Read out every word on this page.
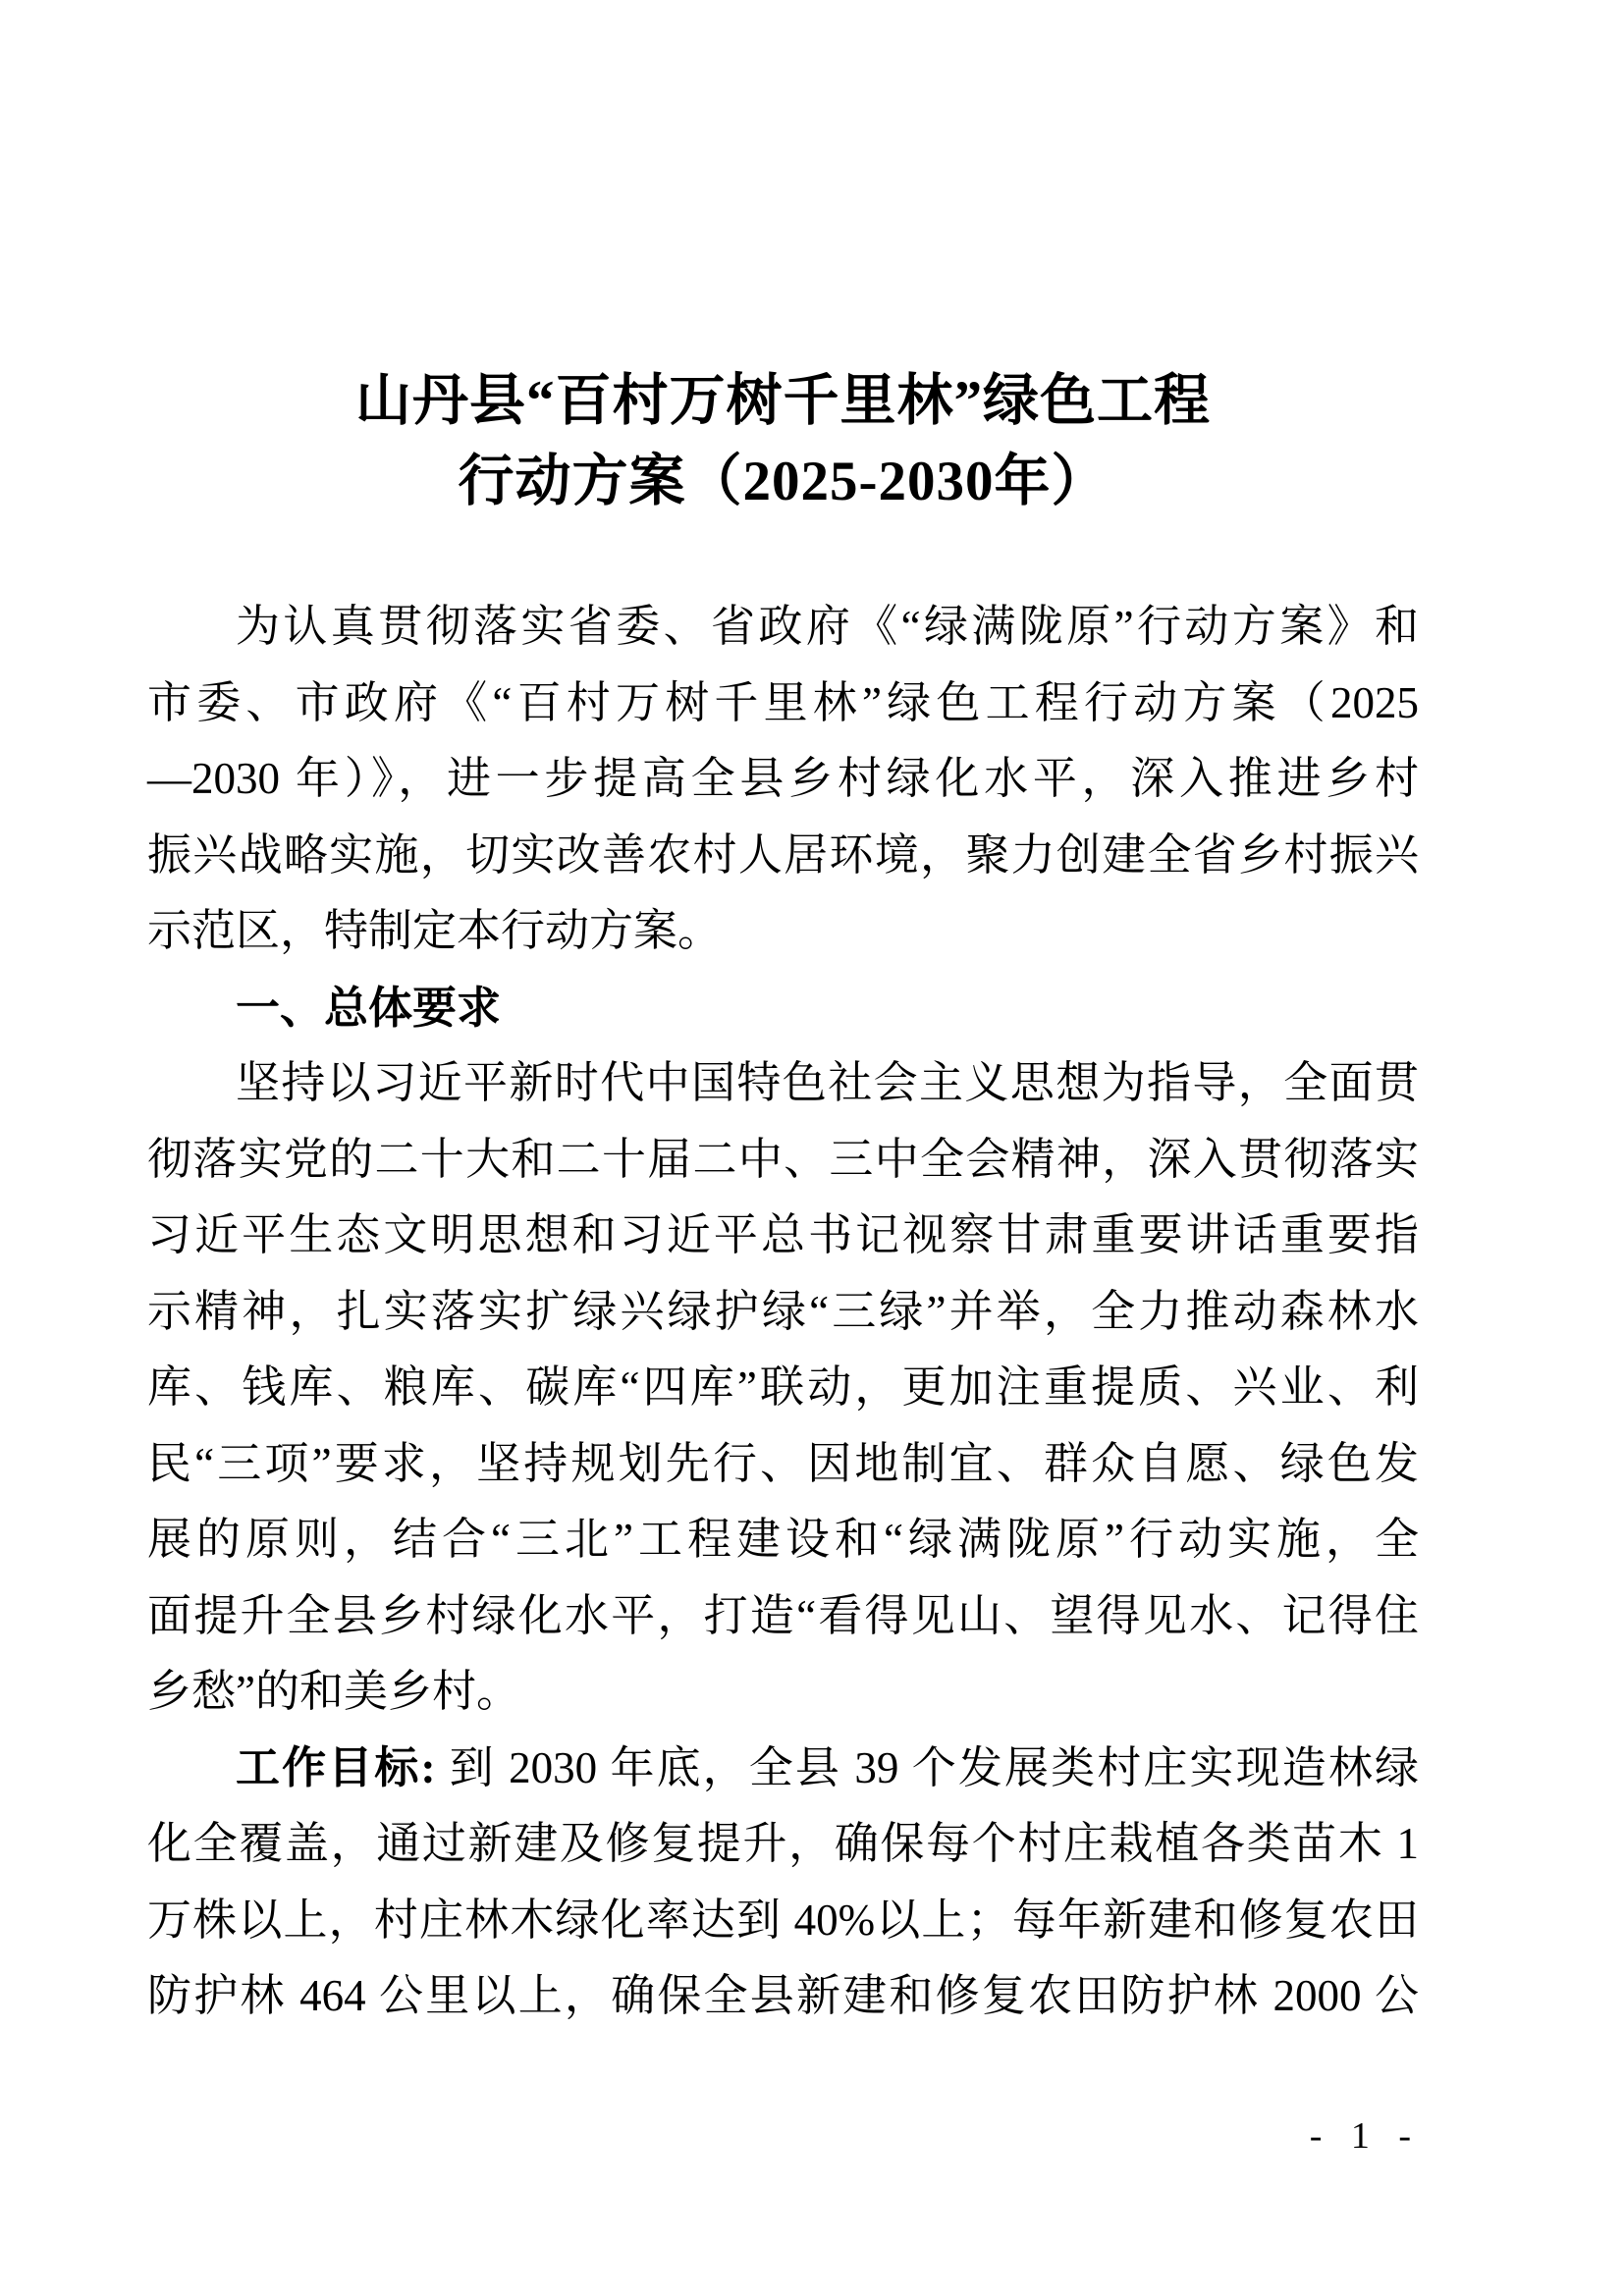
山丹县“百村万树千里林”绿色工程
行动方案（2025-2030年）
为认真贯彻落实省委、省政府《“绿满陇原”行动方案》和
市委、市政府《“百村万树千里林”绿色工程行动方案（2025
—2030 年）》，进一步提高全县乡村绿化水平，深入推进乡村
振兴战略实施，切实改善农村人居环境，聚力创建全省乡村振兴
示范区，特制定本行动方案。
一、总体要求
坚持以习近平新时代中国特色社会主义思想为指导，全面贯
彻落实党的二十大和二十届二中、三中全会精神，深入贯彻落实
习近平生态文明思想和习近平总书记视察甘肃重要讲话重要指
示精神，扎实落实扩绿兴绿护绿“三绿”并举，全力推动森林水
库、钱库、粮库、碳库“四库”联动，更加注重提质、兴业、利
民“三项”要求，坚持规划先行、因地制宜、群众自愿、绿色发
展的原则，结合“三北”工程建设和“绿满陇原”行动实施，全
面提升全县乡村绿化水平，打造“看得见山、望得见水、记得住
乡愁”的和美乡村。
工作目标: 到 2030 年底，全县 39 个发展类村庄实现造林绿
化全覆盖，通过新建及修复提升，确保每个村庄栽植各类苗木 1
万株以上，村庄林木绿化率达到 40%以上；每年新建和修复农田
防护林 464 公里以上，确保全县新建和修复农田防护林 2000 公
- 1 -
